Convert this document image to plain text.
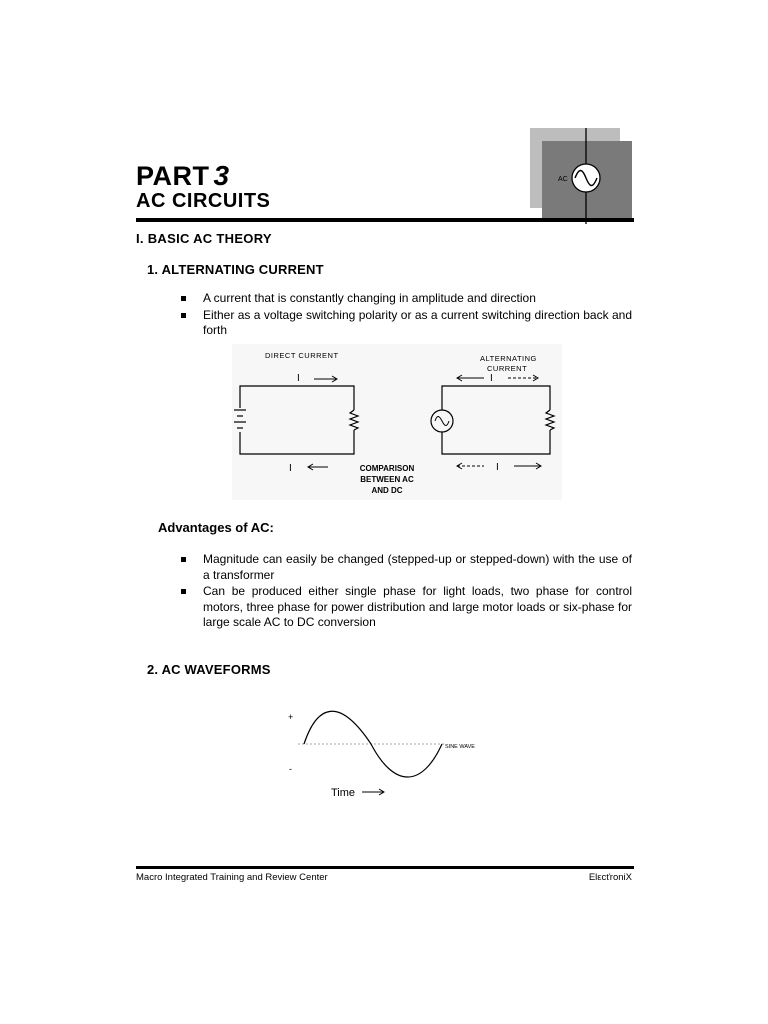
AC
PART 3
AC CIRCUITS
I. BASIC AC THEORY
1. ALTERNATING CURRENT
A current that is constantly changing in amplitude and direction
Either as a voltage switching polarity or as a current switching direction back and forth
DIRECT CURRENT
I
I
ALTERNATING
CURRENT
I
I
COMPARISON
BETWEEN AC
AND DC
Advantages of AC:
Magnitude can easily be changed (stepped-up or stepped-down) with the use of a transformer
Can be produced either single phase for light loads, two phase for control motors, three phase for power distribution and large motor loads or six-phase for large scale AC to DC conversion
2. AC WAVEFORMS
+
-
SINE WAVE
Time
Macro Integrated Training and Review Center	ElεcťroniX
